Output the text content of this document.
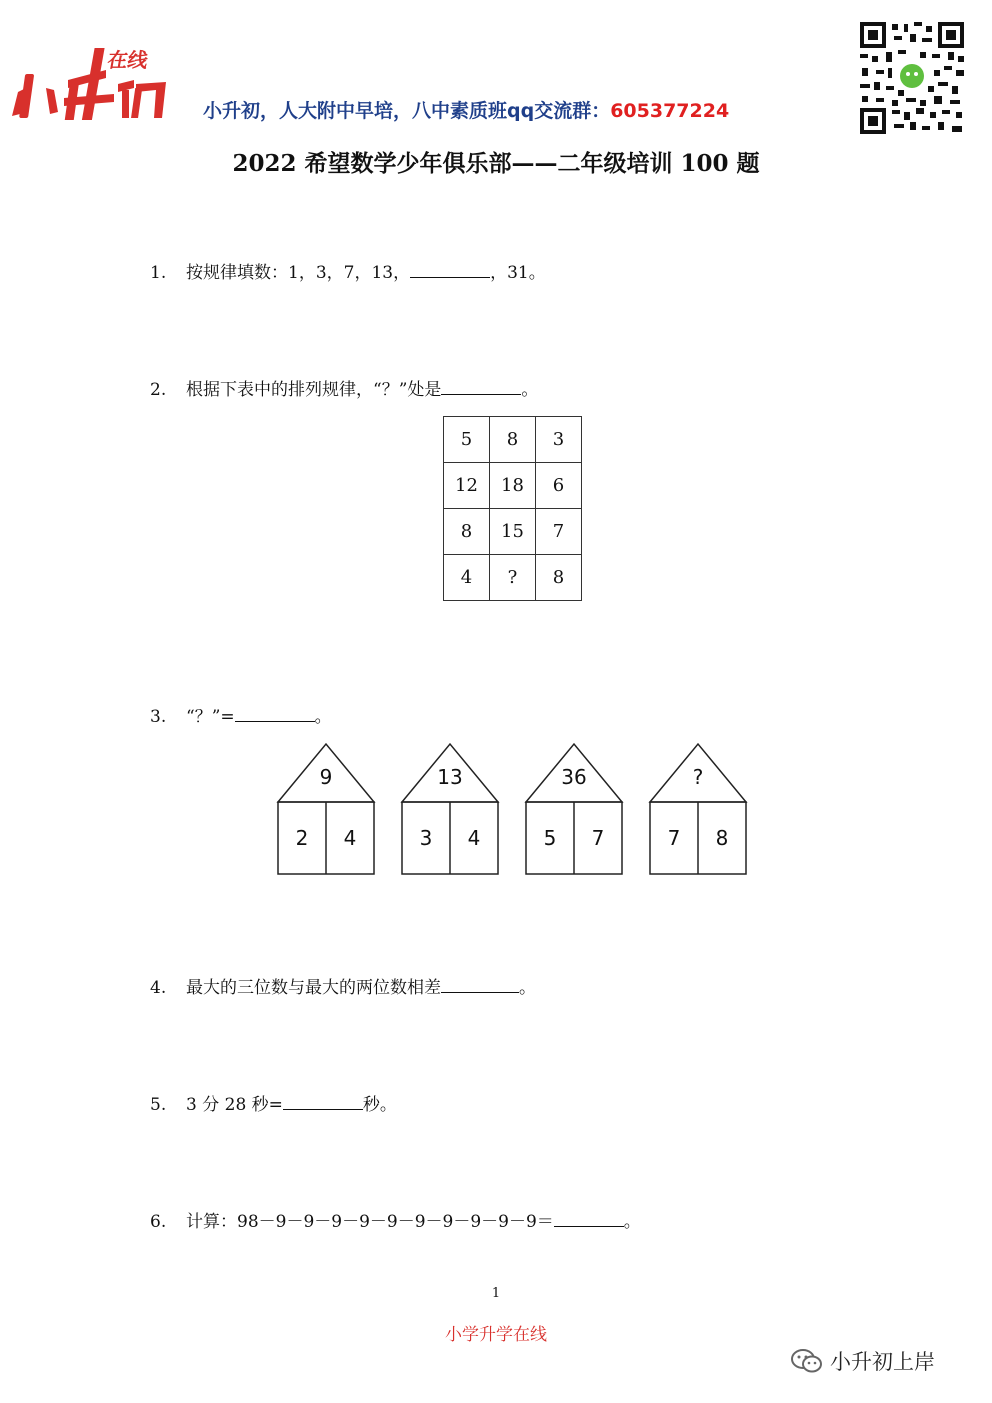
在线
小升初，人大附中早培，八中素质班qq交流群：605377224
2022 希望数学少年俱乐部——二年级培训 100 题
1. 按规律填数：1，3，7，13，	，31。
2. 根据下表中的排列规律，“？”处是	。
5	8	3
12	18	6
8	15	7
4	?	8
3. “？”=	。
9
2 4
13
3 4
36
5 7
?
7 8
4. 最大的三位数与最大的两位数相差	。
5. 3 分 28 秒=	秒。
6. 计算：98－9－9－9－9－9－9－9－9－9－9＝	。
1
小学升学在线
小升初上岸
